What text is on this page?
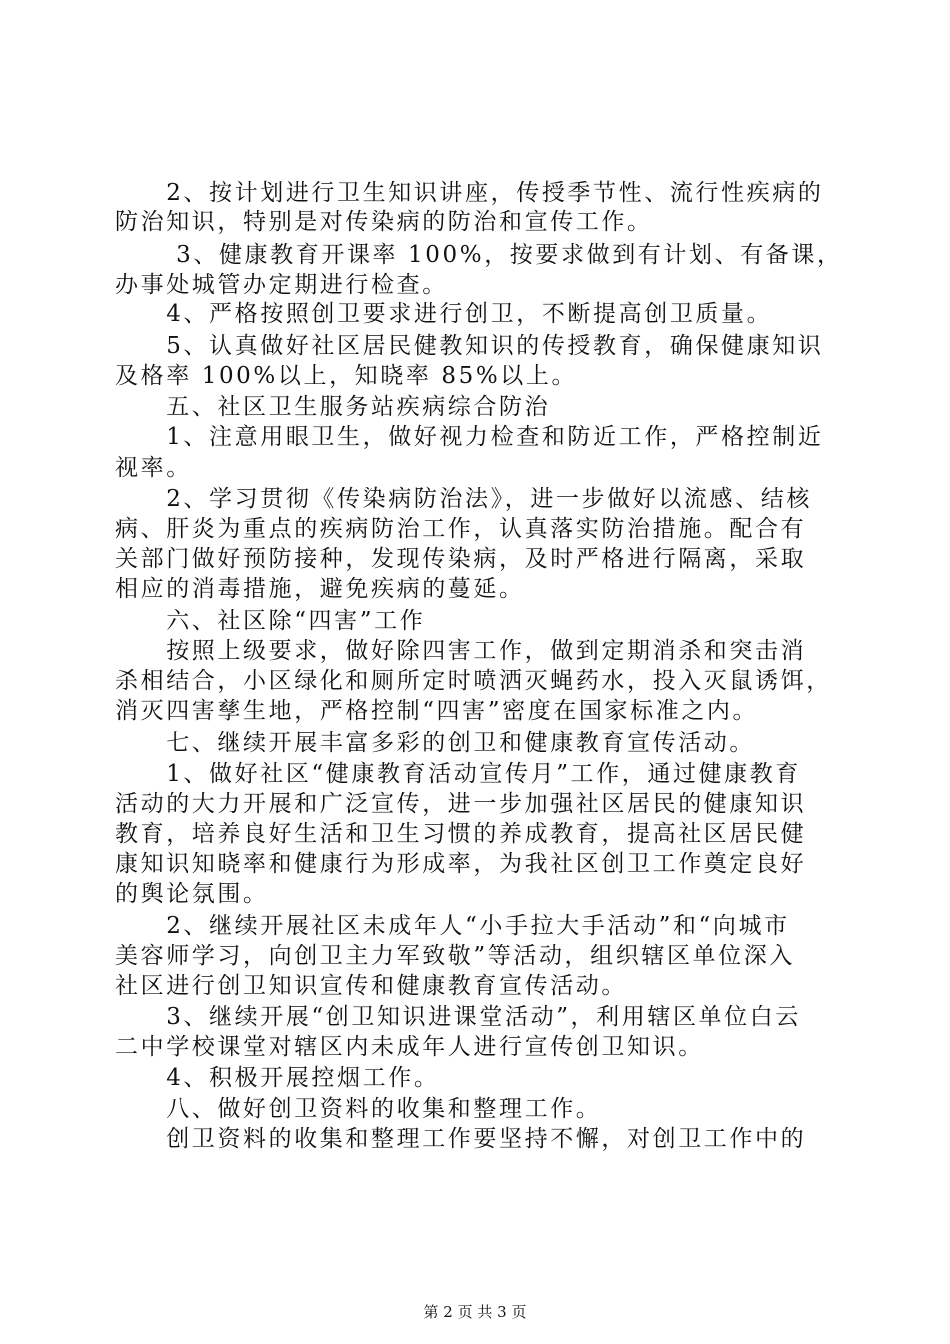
　　2、按计划进行卫生知识讲座，传授季节性、流行性疾病的
防治知识，特别是对传染病的防治和宣传工作。
　　 3、健康教育开课率 100%，按要求做到有计划、有备课，
办事处城管办定期进行检查。
　　4、严格按照创卫要求进行创卫，不断提高创卫质量。
　　5、认真做好社区居民健教知识的传授教育，确保健康知识
及格率 100%以上，知晓率 85%以上。
　　五、社区卫生服务站疾病综合防治
　　1、注意用眼卫生，做好视力检查和防近工作，严格控制近
视率。
　　2、学习贯彻《传染病防治法》，进一步做好以流感、结核
病、肝炎为重点的疾病防治工作，认真落实防治措施。配合有
关部门做好预防接种，发现传染病，及时严格进行隔离，采取
相应的消毒措施，避免疾病的蔓延。
　　六、社区除“四害”工作
　　按照上级要求，做好除四害工作，做到定期消杀和突击消
杀相结合，小区绿化和厕所定时喷洒灭蝇药水，投入灭鼠诱饵，
消灭四害孳生地，严格控制“四害”密度在国家标准之内。
　　七、继续开展丰富多彩的创卫和健康教育宣传活动。
　　1、做好社区“健康教育活动宣传月”工作，通过健康教育
活动的大力开展和广泛宣传，进一步加强社区居民的健康知识
教育，培养良好生活和卫生习惯的养成教育，提高社区居民健
康知识知晓率和健康行为形成率，为我社区创卫工作奠定良好
的舆论氛围。
　　2、继续开展社区未成年人“小手拉大手活动”和“向城市
美容师学习，向创卫主力军致敬”等活动，组织辖区单位深入
社区进行创卫知识宣传和健康教育宣传活动。
　　3、继续开展“创卫知识进课堂活动”，利用辖区单位白云
二中学校课堂对辖区内未成年人进行宣传创卫知识。
　　4、积极开展控烟工作。
　　八、做好创卫资料的收集和整理工作。
　　创卫资料的收集和整理工作要坚持不懈，对创卫工作中的
第 2 页 共 3 页
